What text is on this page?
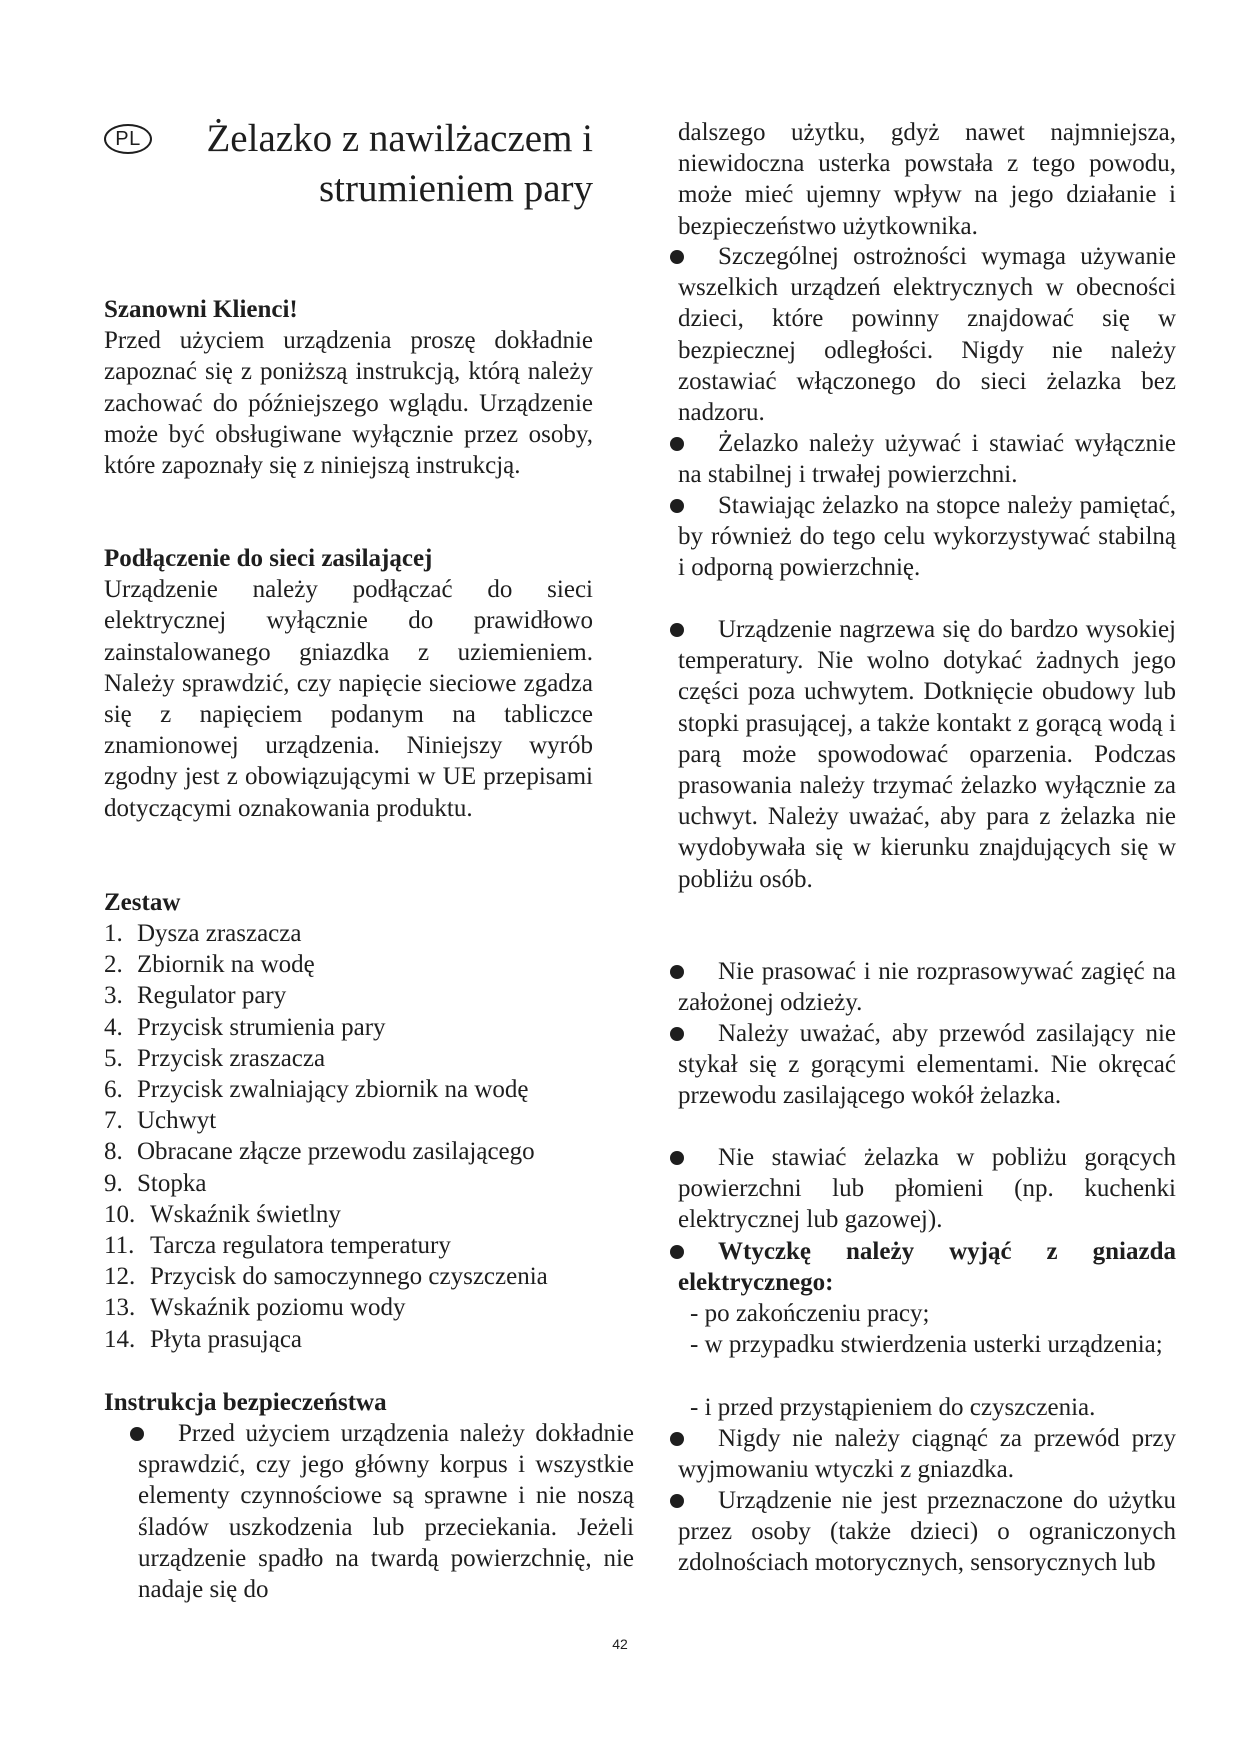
PL Żelazko z nawilżaczem i
strumieniem pary

Szanowni Klienci!

Przed użyciem urządzenia proszę dokładnie zapoznać się z poniższą instrukcją, którą należy zachować do późniejszego wglądu. Urządzenie może być obsługiwane wyłącznie przez osoby, które zapoznały się z niniejszą instrukcją.

Podłączenie do sieci zasilającej

Urządzenie należy podłączać do sieci elektrycznej wyłącznie do prawidłowo zainstalowanego gniazdka z uziemieniem. Należy sprawdzić, czy napięcie sieciowe zgadza się z napięciem podanym na tabliczce znamionowej urządzenia. Niniejszy wyrób zgodny jest z obowiązującymi w UE przepisami dotyczącymi oznakowania produktu.

Zestaw

1. Dysza zraszacza
2. Zbiornik na wodę
3. Regulator pary
4. Przycisk strumienia pary
5. Przycisk zraszacza
6. Przycisk zwalniający zbiornik na wodę
7. Uchwyt
8. Obracane złącze przewodu zasilającego
9. Stopka
10. Wskaźnik świetlny
11. Tarcza regulatora temperatury
12. Przycisk do samoczynnego czyszczenia
13. Wskaźnik poziomu wody
14. Płyta prasująca

Instrukcja bezpieczeństwa

Przed użyciem urządzenia należy dokładnie sprawdzić, czy jego główny korpus i wszystkie elementy czynnościowe są sprawne i nie noszą śladów uszkodzenia lub przeciekania. Jeżeli urządzenie spadło na twardą powierzchnię, nie nadaje się do

dalszego użytku, gdyż nawet najmniejsza, niewidoczna usterka powstała z tego powodu, może mieć ujemny wpływ na jego działanie i bezpieczeństwo użytkownika.

Szczególnej ostrożności wymaga używanie wszelkich urządzeń elektrycznych w obecności dzieci, które powinny znajdować się w bezpiecznej odległości. Nigdy nie należy zostawiać włączonego do sieci żelazka bez nadzoru.
Żelazko należy używać i stawiać wyłącznie na stabilnej i trwałej powierzchni.
Stawiając żelazko na stopce należy pamiętać, by również do tego celu wykorzystywać stabilną i odporną powierzchnię.
Urządzenie nagrzewa się do bardzo wysokiej temperatury. Nie wolno dotykać żadnych jego części poza uchwytem. Dotknięcie obudowy lub stopki prasującej, a także kontakt z gorącą wodą i parą może spowodować oparzenia. Podczas prasowania należy trzymać żelazko wyłącznie za uchwyt. Należy uważać, aby para z żelazka nie wydobywała się w kierunku znajdujących się w pobliżu osób.
Nie prasować i nie rozprasowywać zagięć na założonej odzieży.
Należy uważać, aby przewód zasilający nie stykał się z gorącymi elementami. Nie okręcać przewodu zasilającego wokół żelazka.
Nie stawiać żelazka w pobliżu gorących powierzchni lub płomieni (np. kuchenki elektrycznej lub gazowej).
Wtyczkę należy wyjąć z gniazda elektrycznego:

- po zakończeniu pracy;

- w przypadku stwierdzenia usterki urządzenia;

- i przed przystąpieniem do czyszczenia.

Nigdy nie należy ciągnąć za przewód przy wyjmowaniu wtyczki z gniazdka.
Urządzenie nie jest przeznaczone do użytku przez osoby (także dzieci) o ograniczonych zdolnościach motorycznych, sensorycznych lub
42
